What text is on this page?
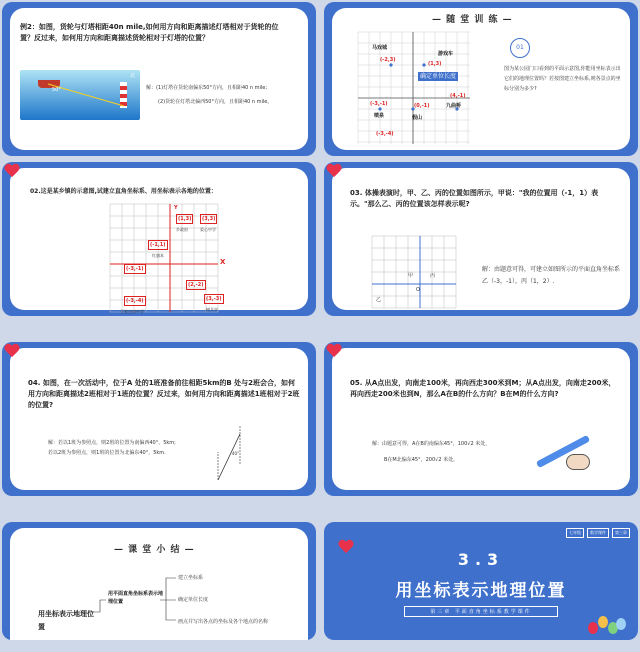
例2：如图，货轮与灯塔相距40n mile,如何用方向和距离描述灯塔相对于货轮的位置？反过来，如何用方向和距离描述货轮相对于灯塔的位置？
50°
北
解：(1)灯塔在货轮南偏东50°方向，且相距40 n mile;
(2)货轮在灯塔北偏西50°方向，且相距40 n mile。
— 随 堂 训 练 —
马戏城
(-2,3)
游戏车
(1,3)
确定单位长度
喷泉
(-3,-1)
假山
(0,-1)	九曲桥
(4,-1)
(-3,-4)
01
图为某公园门口看到的平面示意图,你能用坐标表示出它们的地理位置吗？若按图建立坐标系,则各景点的坐标分别为多少?
02.这是某乡镇的示意图,试建立直角坐标系、用坐标表示各地的位置：
Y
X
(1,3)	(3,3)
(-1,1)
(-3,-1)
(2,-2)
(3,-3)
(-3,-4)
乡政府	爱心中学
红旗本
树月亭
王家庄初中学
03. 体操表演时，甲、乙、丙的位置如图所示，甲说："我的位置用（-1，1）表示。"那么乙、丙的位置该怎样表示呢?
甲	丙
乙
O
解：由题意可得，可建立如图所示的平面直角坐标系 乙（-3，-1），丙（1，2）.
04. 如图，在一次活动中，位于A 处的1班准备前往相距5km的B 处与2班会合，如何用方向和距离描述2班相对于1班的位置？反过来，如何用方向和距离描述1班相对于2班的位置?
解：若以1班为参照点，则2班的位置为南偏西40°，5km;若以2班为参照点，则1班的位置为北偏东40°，5km.	40°
05. 从A点出发，向南走100米，再向西走300米到M；从A点出发，向南走200米，再向西走200米也到N，那么A在B的什么方向？B在M的什么方向?
解：由题意可得，A在B的南偏东45°，100√2 米处，
B在M北偏东45°，200√2 米处。
— 课 堂 小 结 —
用坐标表示地理位置
用平面直角坐标系表示地理位置
建立坐标系
确定单位长度
画点并写出各点的坐标及各个地点的名称
七年级	数学课件	第三章
3.3
用坐标表示地理位置
第三章 平面直角坐标系教学课件
